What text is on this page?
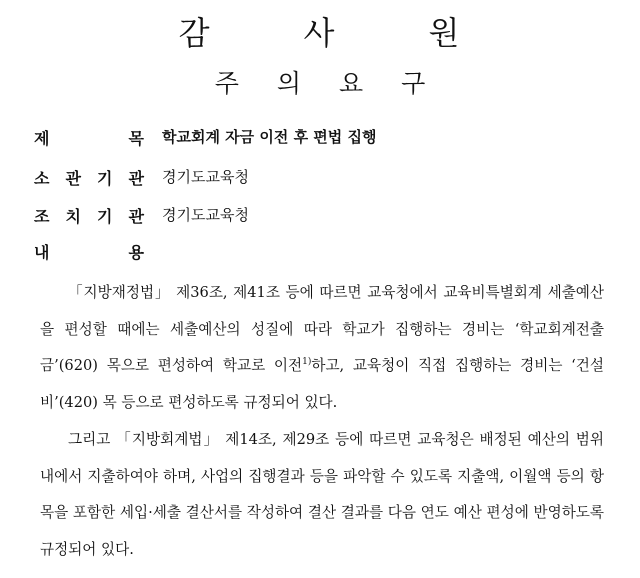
감	사	원
주 의 요 구
제	목 학교회계 자금 이전 후 편법 집행
소 관 기 관 경기도교육청
조 치 기 관 경기도교육청
내	용

「지방재정법」 제36조, 제41조 등에 따르면 교육청에서 교육비특별회계 세출예산을 편성할 때에는 세출예산의 성질에 따라 학교가 집행하는 경비는 ‘학교회계전출금’(620) 목으로 편성하여 학교로 이전$^{1)}$하고, 교육청이 직접 집행하는 경비는 ‘건설비’(420) 목 등으로 편성하도록 규정되어 있다.

그리고 「지방회계법」 제14조, 제29조 등에 따르면 교육청은 배정된 예산의 범위 내에서 지출하여야 하며, 사업의 집행결과 등을 파악할 수 있도록 지출액, 이월액 등의 항목을 포함한 세입·세출 결산서를 작성하여 결산 결과를 다음 연도 예산 편성에 반영하도록 규정되어 있다.
